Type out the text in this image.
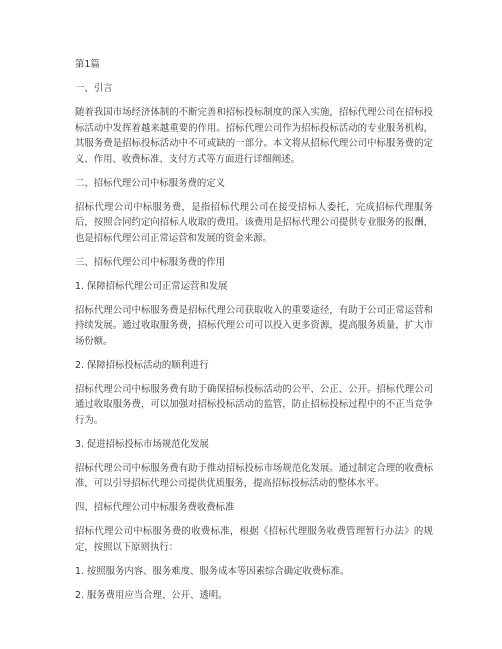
第1篇

一、引言

随着我国市场经济体制的不断完善和招标投标制度的深入实施，招标代理公司在招标投标活动中发挥着越来越重要的作用。招标代理公司作为招标投标活动的专业服务机构，其服务费是招标投标活动中不可或缺的一部分。本文将从招标代理公司中标服务费的定义、作用、收费标准、支付方式等方面进行详细阐述。

二、招标代理公司中标服务费的定义

招标代理公司中标服务费，是指招标代理公司在接受招标人委托，完成招标代理服务后，按照合同约定向招标人收取的费用。该费用是招标代理公司提供专业服务的报酬，也是招标代理公司正常运营和发展的资金来源。

三、招标代理公司中标服务费的作用

1. 保障招标代理公司正常运营和发展

招标代理公司中标服务费是招标代理公司获取收入的重要途径，有助于公司正常运营和持续发展。通过收取服务费，招标代理公司可以投入更多资源，提高服务质量，扩大市场份额。

2. 保障招标投标活动的顺利进行

招标代理公司中标服务费有助于确保招标投标活动的公平、公正、公开。招标代理公司通过收取服务费，可以加强对招标投标活动的监管，防止招标投标过程中的不正当竞争行为。

3. 促进招标投标市场规范化发展

招标代理公司中标服务费有助于推动招标投标市场规范化发展。通过制定合理的收费标准，可以引导招标代理公司提供优质服务，提高招标投标活动的整体水平。

四、招标代理公司中标服务费收费标准

招标代理公司中标服务费的收费标准，根据《招标代理服务收费管理暂行办法》的规定，按照以下原则执行：

1. 按照服务内容、服务难度、服务成本等因素综合确定收费标准。

2. 服务费用应当合理、公开、透明。
